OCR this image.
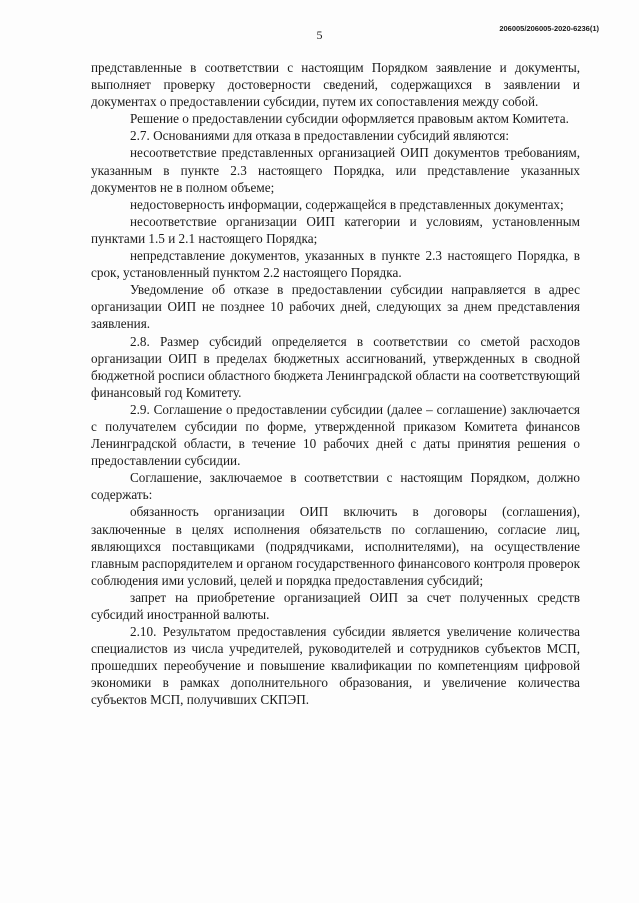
5	206005/206005-2020-6236(1)

представленные в соответствии с настоящим Порядком заявление и документы, выполняет проверку достоверности сведений, содержащихся в заявлении и документах о предоставлении субсидии, путем их сопоставления между собой.

Решение о предоставлении субсидии оформляется правовым актом Комитета.

2.7. Основаниями для отказа в предоставлении субсидий являются:

несоответствие представленных организацией ОИП документов требованиям, указанным в пункте 2.3 настоящего Порядка, или представление указанных документов не в полном объеме;

недостоверность информации, содержащейся в представленных документах;

несоответствие организации ОИП категории и условиям, установленным пунктами 1.5 и 2.1 настоящего Порядка;

непредставление документов, указанных в пункте 2.3 настоящего Порядка, в срок, установленный пунктом 2.2 настоящего Порядка.

Уведомление об отказе в предоставлении субсидии направляется в адрес организации ОИП не позднее 10 рабочих дней, следующих за днем представления заявления.

2.8. Размер субсидий определяется в соответствии со сметой расходов организации ОИП в пределах бюджетных ассигнований, утвержденных в сводной бюджетной росписи областного бюджета Ленинградской области на соответствующий финансовый год Комитету.

2.9. Соглашение о предоставлении субсидии (далее – соглашение) заключается с получателем субсидии по форме, утвержденной приказом Комитета финансов Ленинградской области, в течение 10 рабочих дней с даты принятия решения о предоставлении субсидии.

Соглашение, заключаемое в соответствии с настоящим Порядком, должно содержать:

обязанность организации ОИП включить в договоры (соглашения), заключенные в целях исполнения обязательств по соглашению, согласие лиц, являющихся поставщиками (подрядчиками, исполнителями), на осуществление главным распорядителем и органом государственного финансового контроля проверок соблюдения ими условий, целей и порядка предоставления субсидий;

запрет на приобретение организацией ОИП за счет полученных средств субсидий иностранной валюты.

2.10. Результатом предоставления субсидии является увеличение количества специалистов из числа учредителей, руководителей и сотрудников субъектов МСП, прошедших переобучение и повышение квалификации по компетенциям цифровой экономики в рамках дополнительного образования, и увеличение количества субъектов МСП, получивших СКПЭП.
